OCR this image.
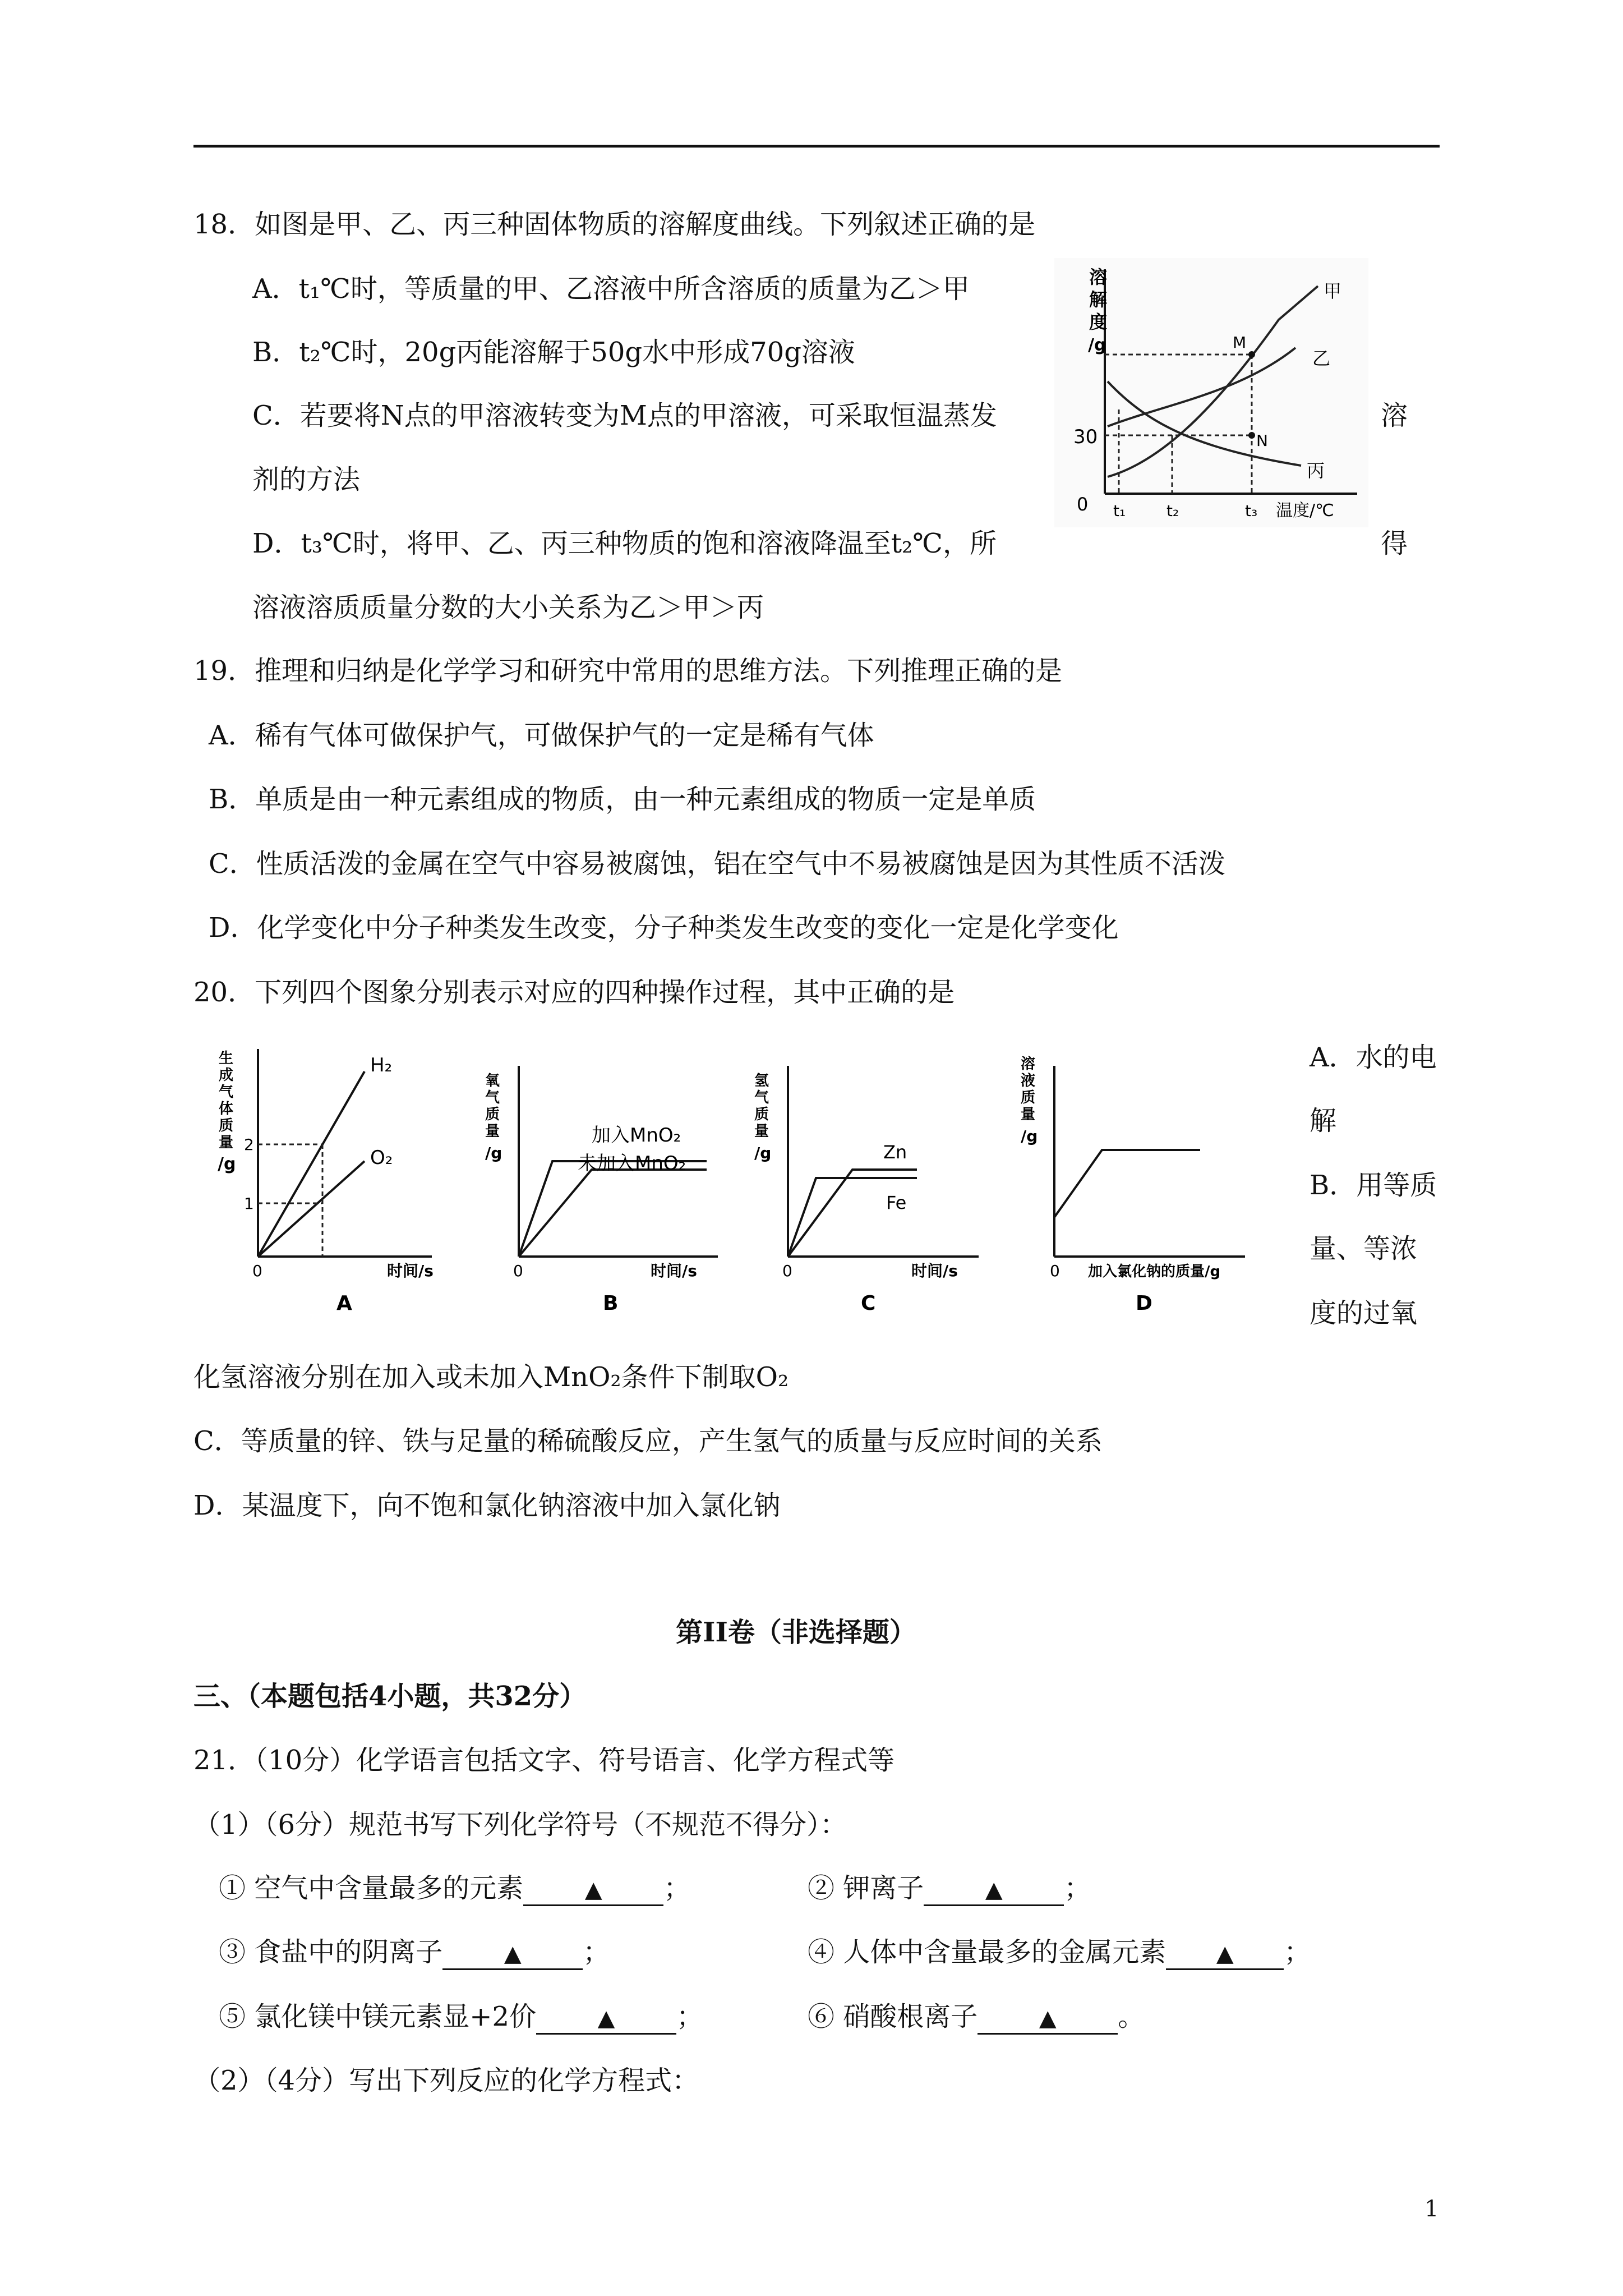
18．如图是甲、乙、丙三种固体物质的溶解度曲线。下列叙述正确的是
A．t₁℃时，等质量的甲、乙溶液中所含溶质的质量为乙＞甲
B．t₂℃时，20g丙能溶解于50g水中形成70g溶液
C．若要将N点的甲溶液转变为M点的甲溶液，可采取恒温蒸发	溶
剂的方法
D．t₃℃时，将甲、乙、丙三种物质的饱和溶液降温至t₂℃，所	得
溶液溶质质量分数的大小关系为乙＞甲＞丙
溶
解
度
/g
30
0 t₁	t₂	t₃ 温度/℃
甲
乙
丙
M
N
19．推理和归纳是化学学习和研究中常用的思维方法。下列推理正确的是
A．稀有气体可做保护气，可做保护气的一定是稀有气体
B．单质是由一种元素组成的物质，由一种元素组成的物质一定是单质
C．性质活泼的金属在空气中容易被腐蚀，铝在空气中不易被腐蚀是因为其性质不活泼
D．化学变化中分子种类发生改变，分子种类发生改变的变化一定是化学变化
20．下列四个图象分别表示对应的四种操作过程，其中正确的是
生
成
气
体
质
量
/g
H₂
O₂
2
1
0	时间/s
A
氧
气
质
量
/g
加入MnO₂
未加入MnO₂
0	时间/s
B
氢
气
质
量
/g	Zn
Fe
0	时间/s
C
溶
液
质
量
/g
0 加入氯化钠的质量/g
D
A．水的电
解
B．用等质
量、等浓
度的过氧
化氢溶液分别在加入或未加入MnO₂条件下制取O₂
C．等质量的锌、铁与足量的稀硫酸反应，产生氢气的质量与反应时间的关系
D．某温度下，向不饱和氯化钠溶液中加入氯化钠
第II卷（非选择题）
三、（本题包括4小题，共32分）
21．（10分）化学语言包括文字、符号语言、化学方程式等
（1）（6分）规范书写下列化学符号（不规范不得分）：
① 空气中含量最多的元素	▲ ；	② 钾离子	▲ ；
③ 食盐中的阴离子	▲ ；	④ 人体中含量最多的金属元素 ▲ ；
⑤ 氯化镁中镁元素显+2价	▲ ；	⑥ 硝酸根离子	▲ 。
（2）（4分）写出下列反应的化学方程式：
1
